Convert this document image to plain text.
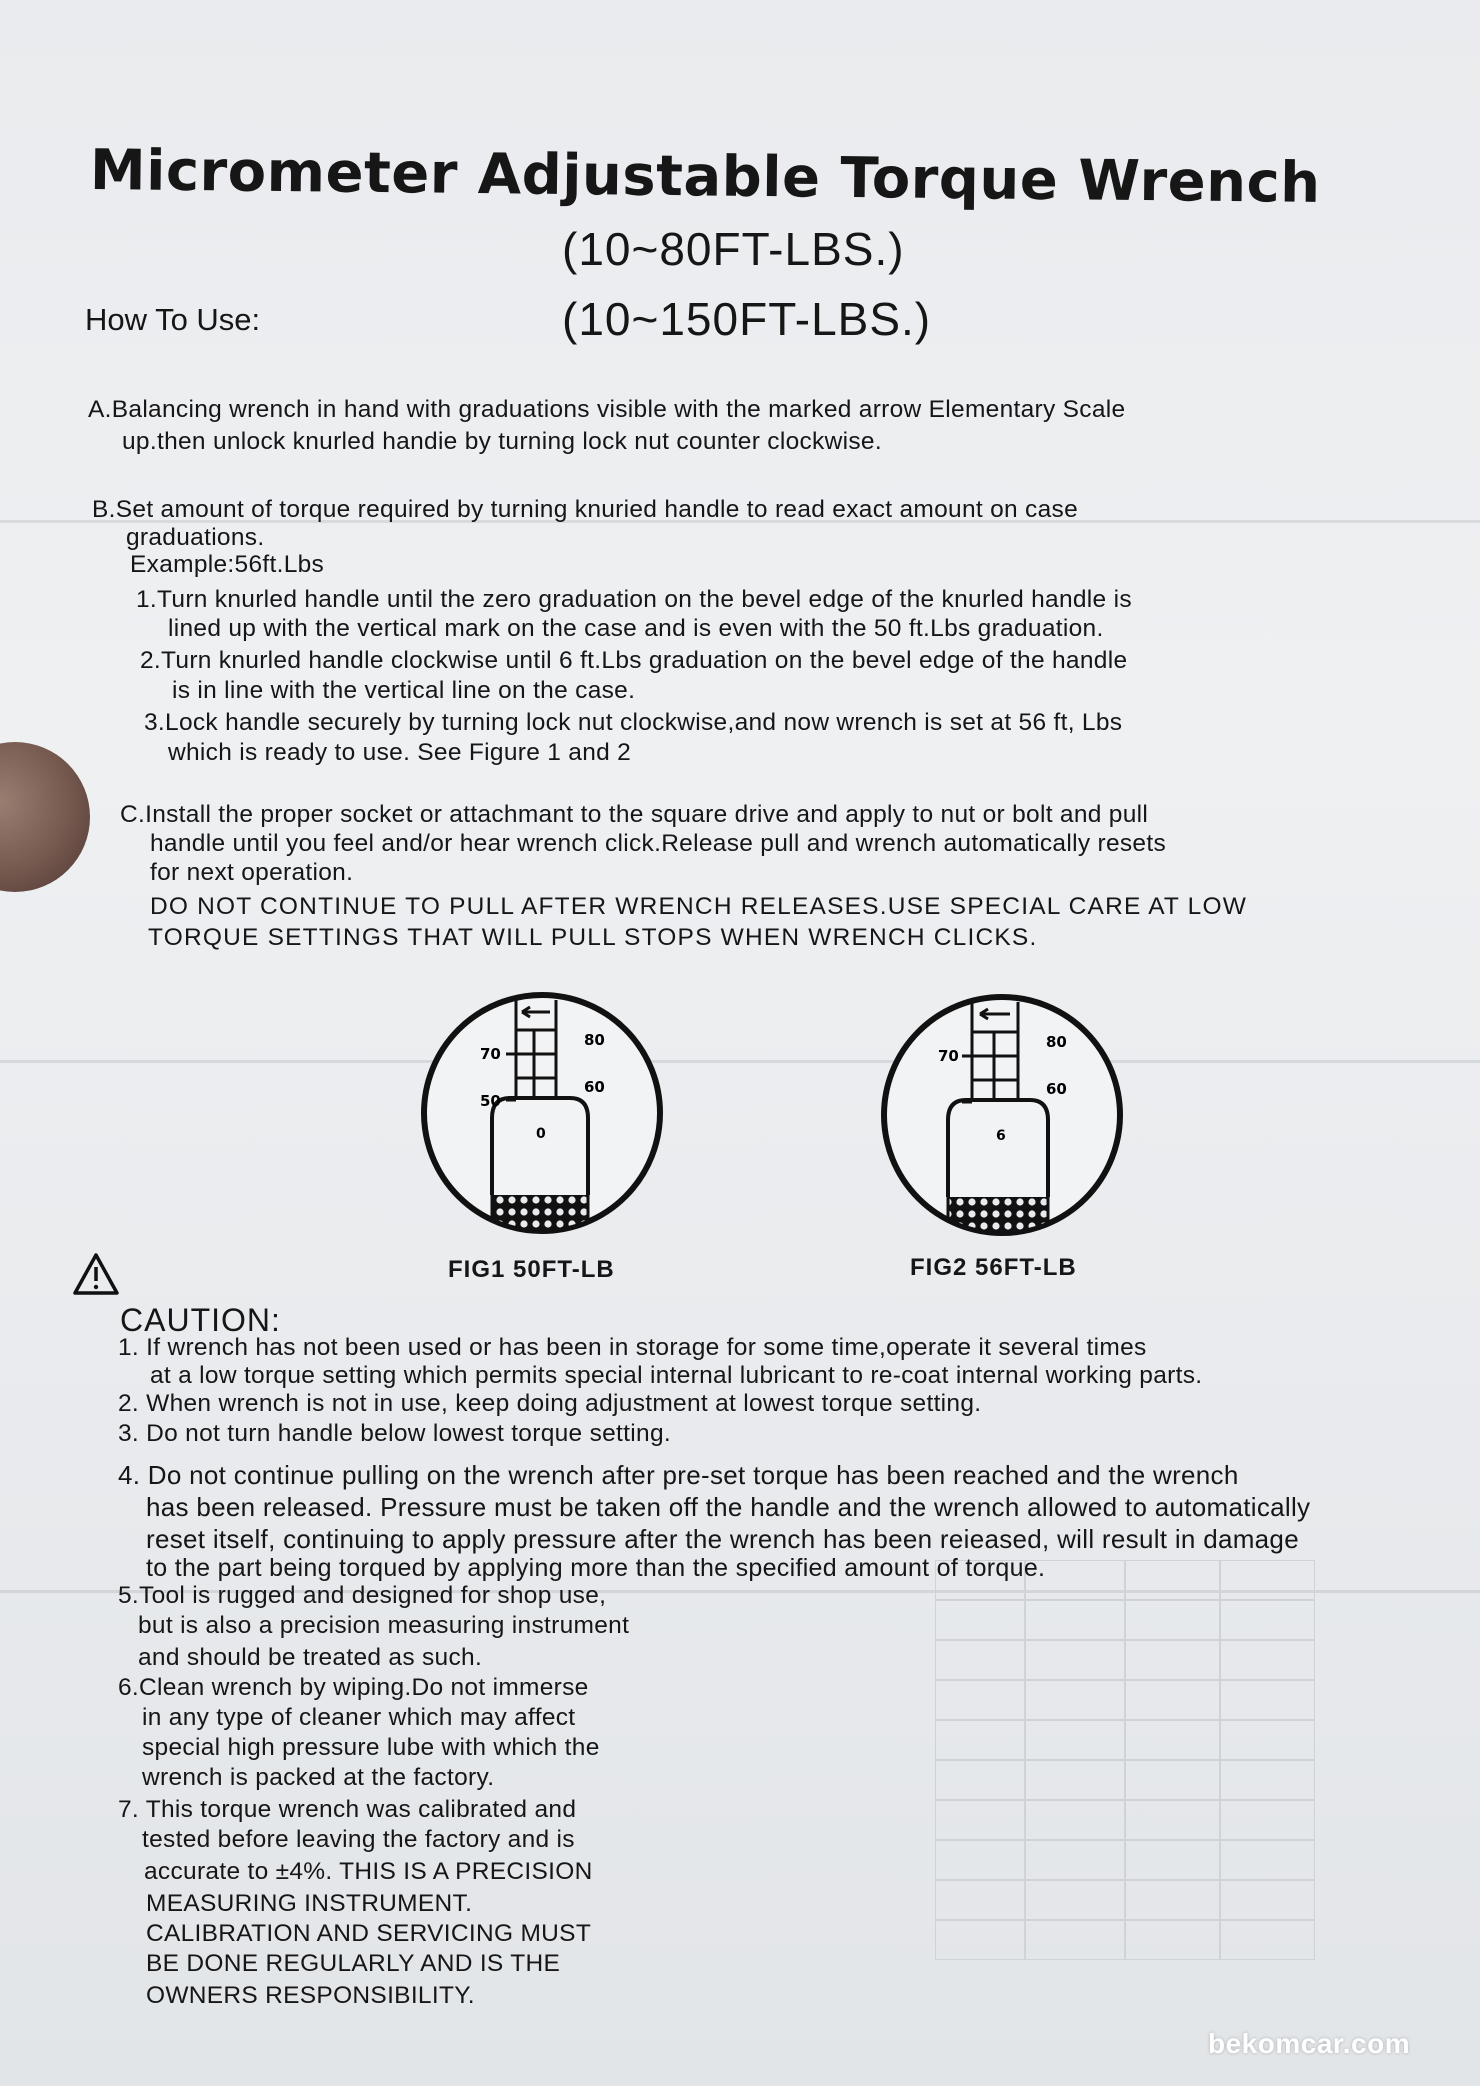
Micrometer Adjustable Torque Wrench
(10~80FT-LBS.)
(10~150FT-LBS.)
How To Use:
A.Balancing wrench in hand with graduations visible with the marked arrow Elementary Scale
up.then unlock knurled handie by turning lock nut counter clockwise.
B.Set amount of torque required by turning knuried handle to read exact amount on case
graduations.
Example:56ft.Lbs
1.Turn knurled handle until the zero graduation on the bevel edge of the knurled handle is
lined up with the vertical mark on the case and is even with the 50 ft.Lbs graduation.
2.Turn knurled handle clockwise until 6 ft.Lbs graduation on the bevel edge of the handle
is in line with the vertical line on the case.
3.Lock handle securely by turning lock nut clockwise,and now wrench is set at 56 ft, Lbs
which is ready to use. See Figure 1 and 2
C.Install the proper socket or attachmant to the square drive and apply to nut or bolt and pull
handle until you feel and/or hear wrench click.Release pull and wrench automatically resets
for next operation.
DO NOT CONTINUE TO PULL AFTER WRENCH RELEASES.USE SPECIAL CARE AT LOW
TORQUE SETTINGS THAT WILL PULL STOPS WHEN WRENCH CLICKS.
70
80
50
60
0
FIG1 50FT-LB
70
80
60
6
FIG2 56FT-LB
CAUTION:
1. If wrench has not been used or has been in storage for some time,operate it several times
at a low torque setting which permits special internal lubricant to re-coat internal working parts.
2. When wrench is not in use, keep doing adjustment at lowest torque setting.
3. Do not turn handle below lowest torque setting.
4. Do not continue pulling on the wrench after pre-set torque has been reached and the wrench
has been released. Pressure must be taken off the handle and the wrench allowed to automatically
reset itself, continuing to apply pressure after the wrench has been reieased, will result in damage
to the part being torqued by applying more than the specified amount of torque.
5.Tool is rugged and designed for shop use,
but is also a precision measuring instrument
and should be treated as such.
6.Clean wrench by wiping.Do not immerse
in any type of cleaner which may affect
special high pressure lube with which the
wrench is packed at the factory.
7. This torque wrench was calibrated and
tested before leaving the factory and is
accurate to ±4%. THIS IS A PRECISION
MEASURING INSTRUMENT.
CALIBRATION AND SERVICING MUST
BE DONE REGULARLY AND IS THE
OWNERS RESPONSIBILITY.
bekomcar.com
